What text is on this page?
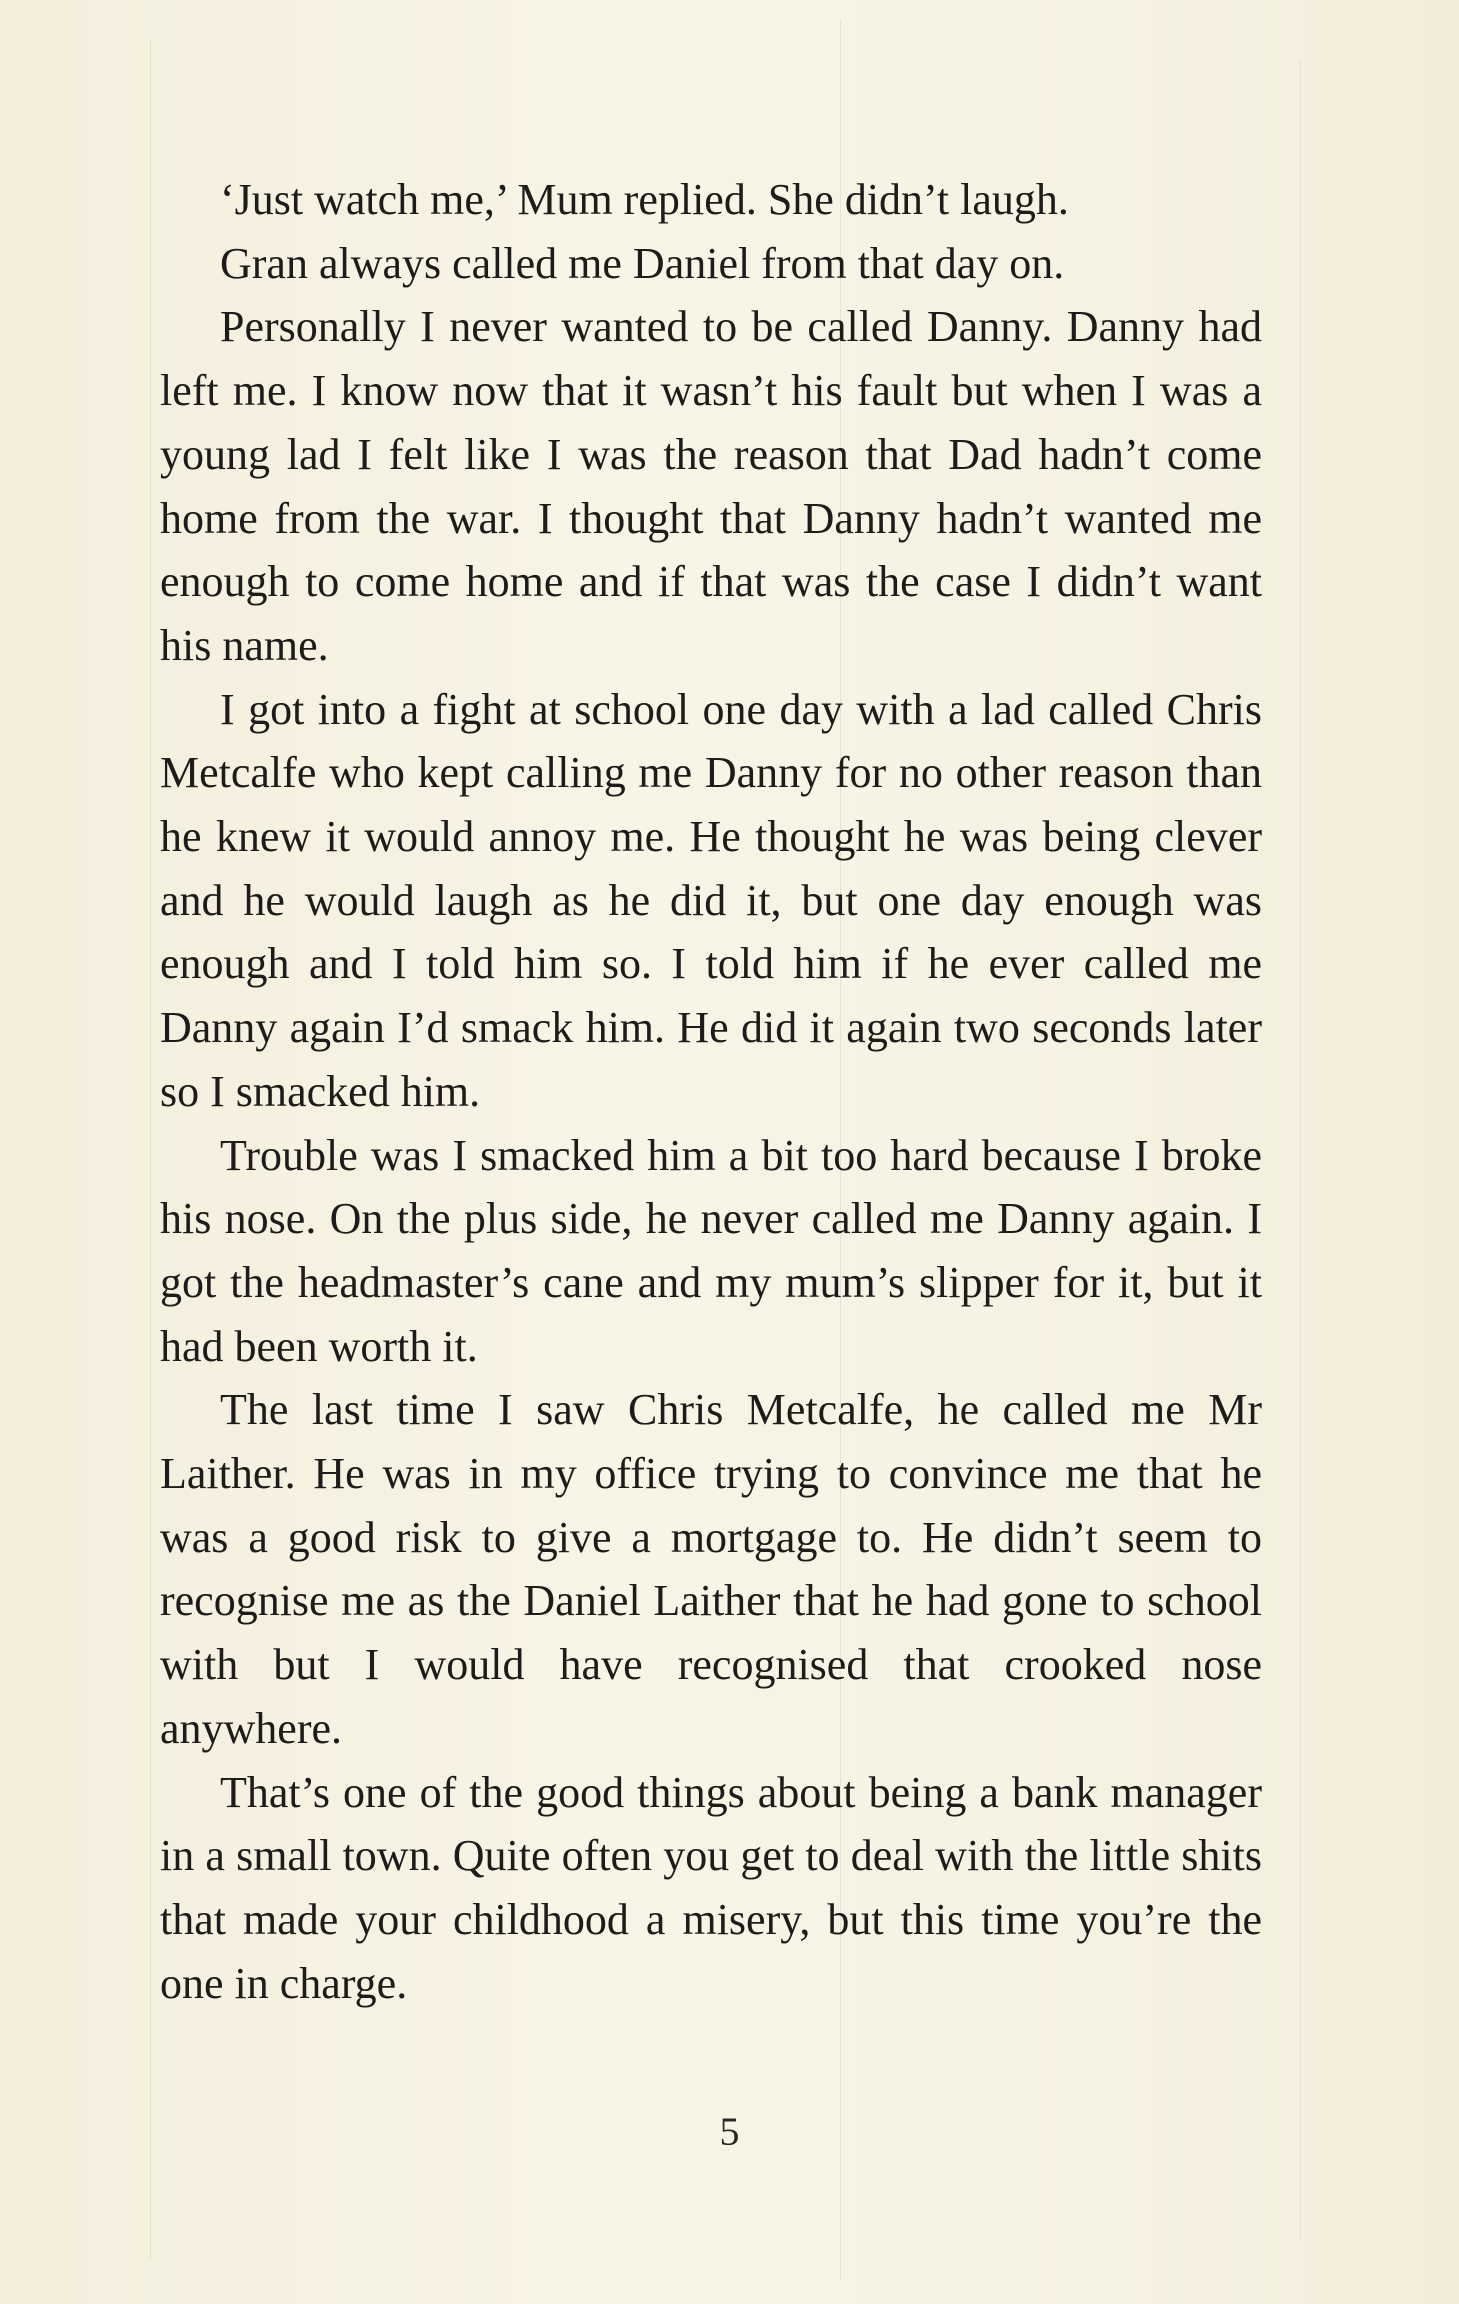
‘Just watch me,’ Mum replied. She didn’t laugh.

Gran always called me Daniel from that day on.

Personally I never wanted to be called Danny. Danny had left me. I know now that it wasn’t his fault but when I was a young lad I felt like I was the reason that Dad hadn’t come home from the war. I thought that Danny hadn’t wanted me enough to come home and if that was the case I didn’t want his name.

I got into a fight at school one day with a lad called Chris Metcalfe who kept calling me Danny for no other reason than he knew it would annoy me. He thought he was being clever and he would laugh as he did it, but one day enough was enough and I told him so. I told him if he ever called me Danny again I’d smack him. He did it again two seconds later so I smacked him.

Trouble was I smacked him a bit too hard because I broke his nose. On the plus side, he never called me Danny again. I got the headmaster’s cane and my mum’s slipper for it, but it had been worth it.

The last time I saw Chris Metcalfe, he called me Mr Laither. He was in my office trying to convince me that he was a good risk to give a mortgage to. He didn’t seem to recognise me as the Daniel Laither that he had gone to school with but I would have recognised that crooked nose anywhere.

That’s one of the good things about being a bank manager in a small town. Quite often you get to deal with the little shits that made your childhood a misery, but this time you’re the one in charge.

5
